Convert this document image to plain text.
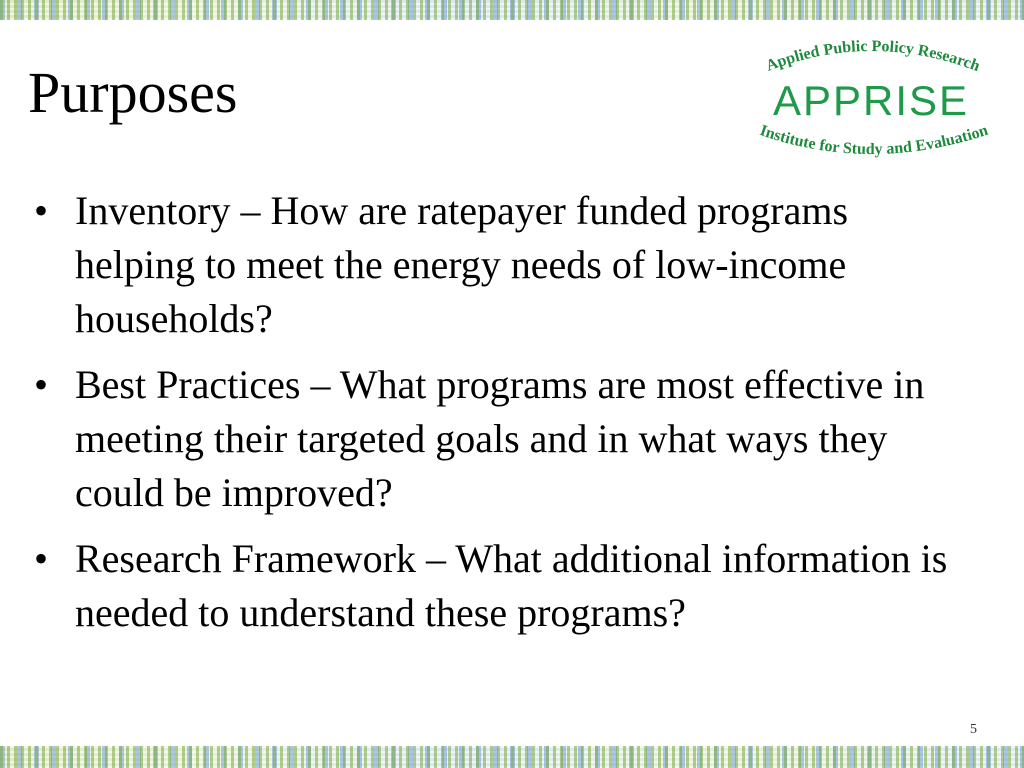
Purposes	Applied Public Policy Research
Institute for Study and Evaluation
APPRISE
• Inventory – How are ratepayer funded programs helping to meet the energy needs of low-income households?
• Best Practices – What programs are most effective in meeting their targeted goals and in what ways they could be improved?
• Research Framework – What additional information is needed to understand these programs?
5
